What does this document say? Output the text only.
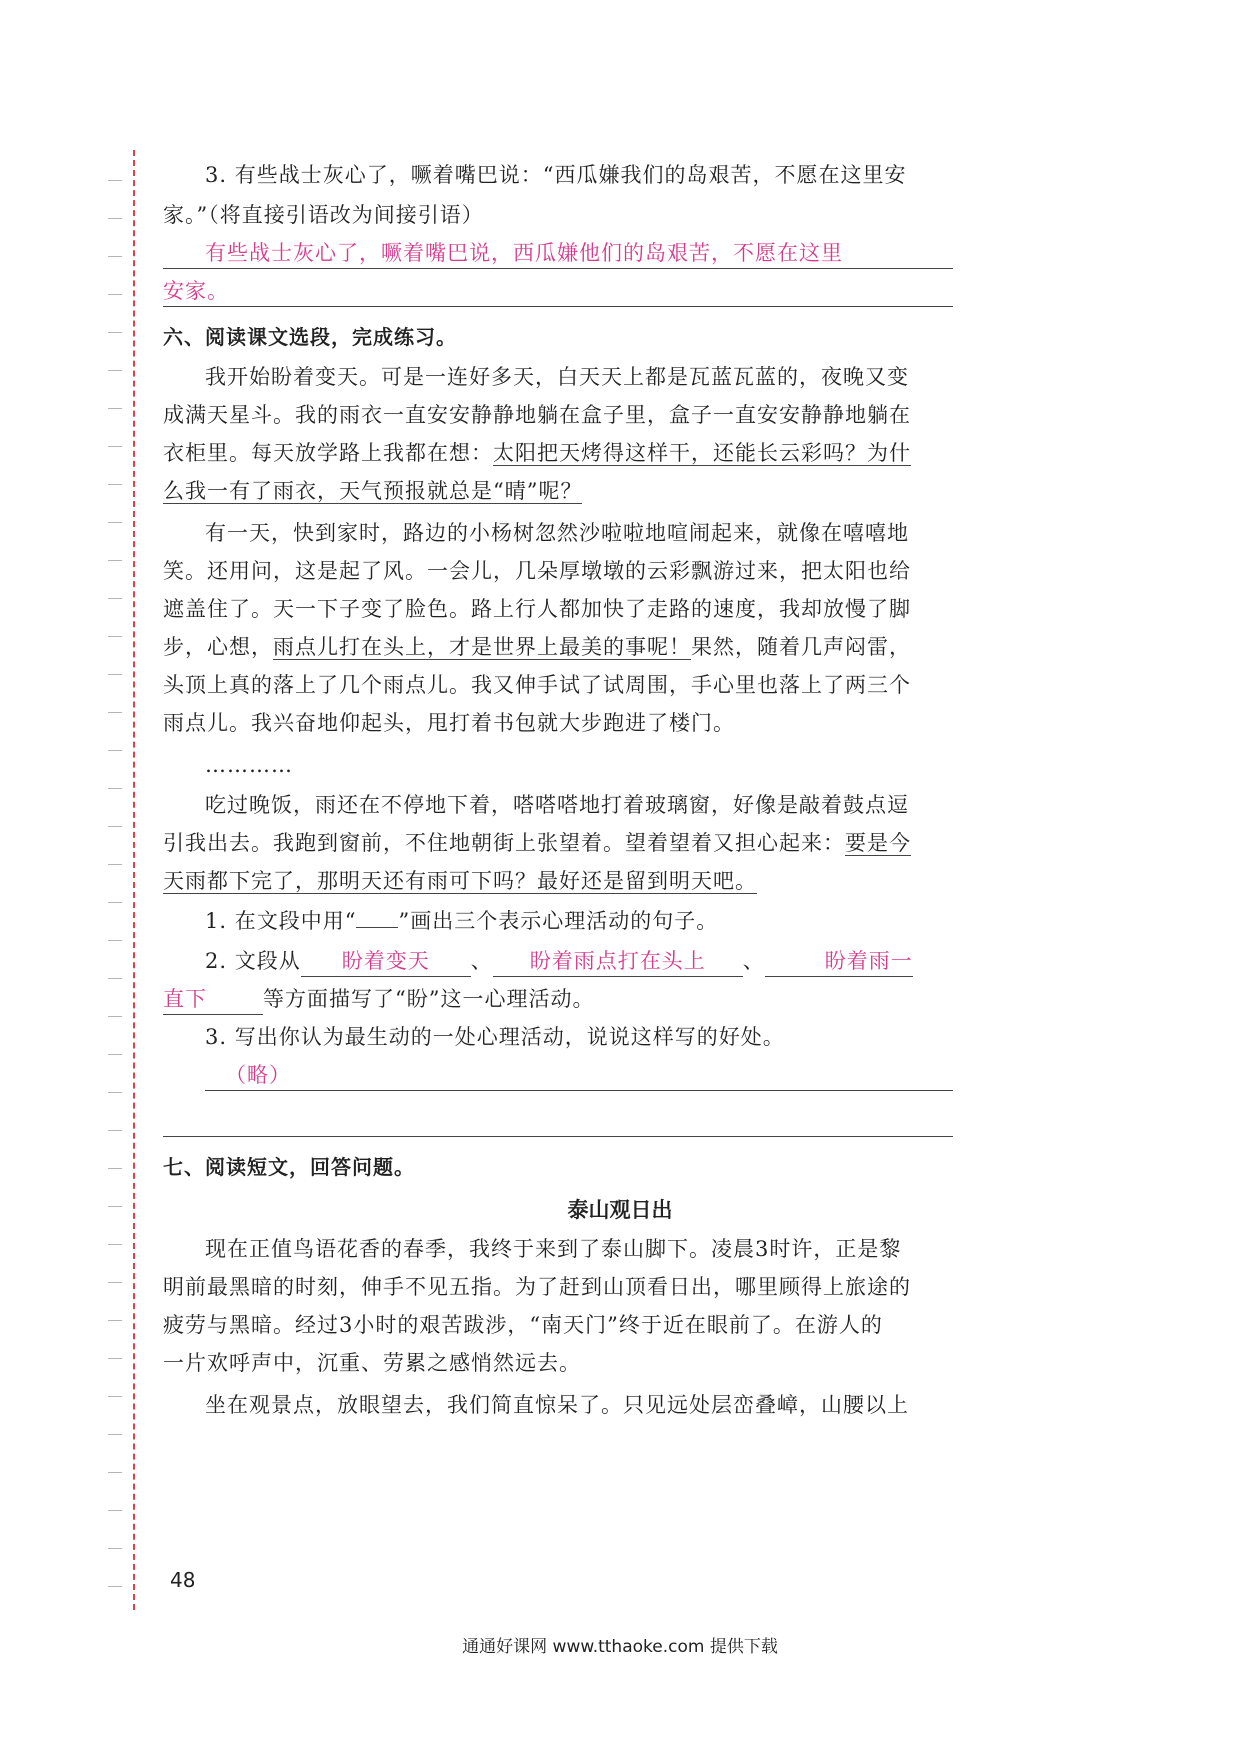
3. 有些战士灰心了，噘着嘴巴说：“西瓜嫌我们的岛艰苦，不愿在这里安
家。”（将直接引语改为间接引语）
有些战士灰心了，噘着嘴巴说，西瓜嫌他们的岛艰苦，不愿在这里
安家。
六、阅读课文选段，完成练习。
我开始盼着变天。可是一连好多天，白天天上都是瓦蓝瓦蓝的，夜晚又变
成满天星斗。我的雨衣一直安安静静地躺在盒子里，盒子一直安安静静地躺在
衣柜里。每天放学路上我都在想：太阳把天烤得这样干，还能长云彩吗？为什
么我一有了雨衣，天气预报就总是“晴”呢？
有一天，快到家时，路边的小杨树忽然沙啦啦地喧闹起来，就像在嘻嘻地
笑。还用问，这是起了风。一会儿，几朵厚墩墩的云彩飘游过来，把太阳也给
遮盖住了。天一下子变了脸色。路上行人都加快了走路的速度，我却放慢了脚
步，心想，雨点儿打在头上，才是世界上最美的事呢！果然，随着几声闷雷，
头顶上真的落上了几个雨点儿。我又伸手试了试周围，手心里也落上了两三个
雨点儿。我兴奋地仰起头，甩打着书包就大步跑进了楼门。
…………
吃过晚饭，雨还在不停地下着，嗒嗒嗒地打着玻璃窗，好像是敲着鼓点逗
引我出去。我跑到窗前，不住地朝街上张望着。望着望着又担心起来：要是今
天雨都下完了，那明天还有雨可下吗？最好还是留到明天吧。
1. 在文段中用“ ”画出三个表示心理活动的句子。
2. 文段从 盼着变天 、 盼着雨点打在头上 、	盼着雨一
直下	等方面描写了“盼”这一心理活动。
3. 写出你认为最生动的一处心理活动，说说这样写的好处。
（略）
七、阅读短文，回答问题。
泰山观日出
现在正值鸟语花香的春季，我终于来到了泰山脚下。凌晨3时许，正是黎
明前最黑暗的时刻，伸手不见五指。为了赶到山顶看日出，哪里顾得上旅途的
疲劳与黑暗。经过3小时的艰苦跋涉，“南天门”终于近在眼前了。在游人的
一片欢呼声中，沉重、劳累之感悄然远去。
坐在观景点，放眼望去，我们简直惊呆了。只见远处层峦叠嶂，山腰以上
48
通通好课网 www.tthaoke.com 提供下载
